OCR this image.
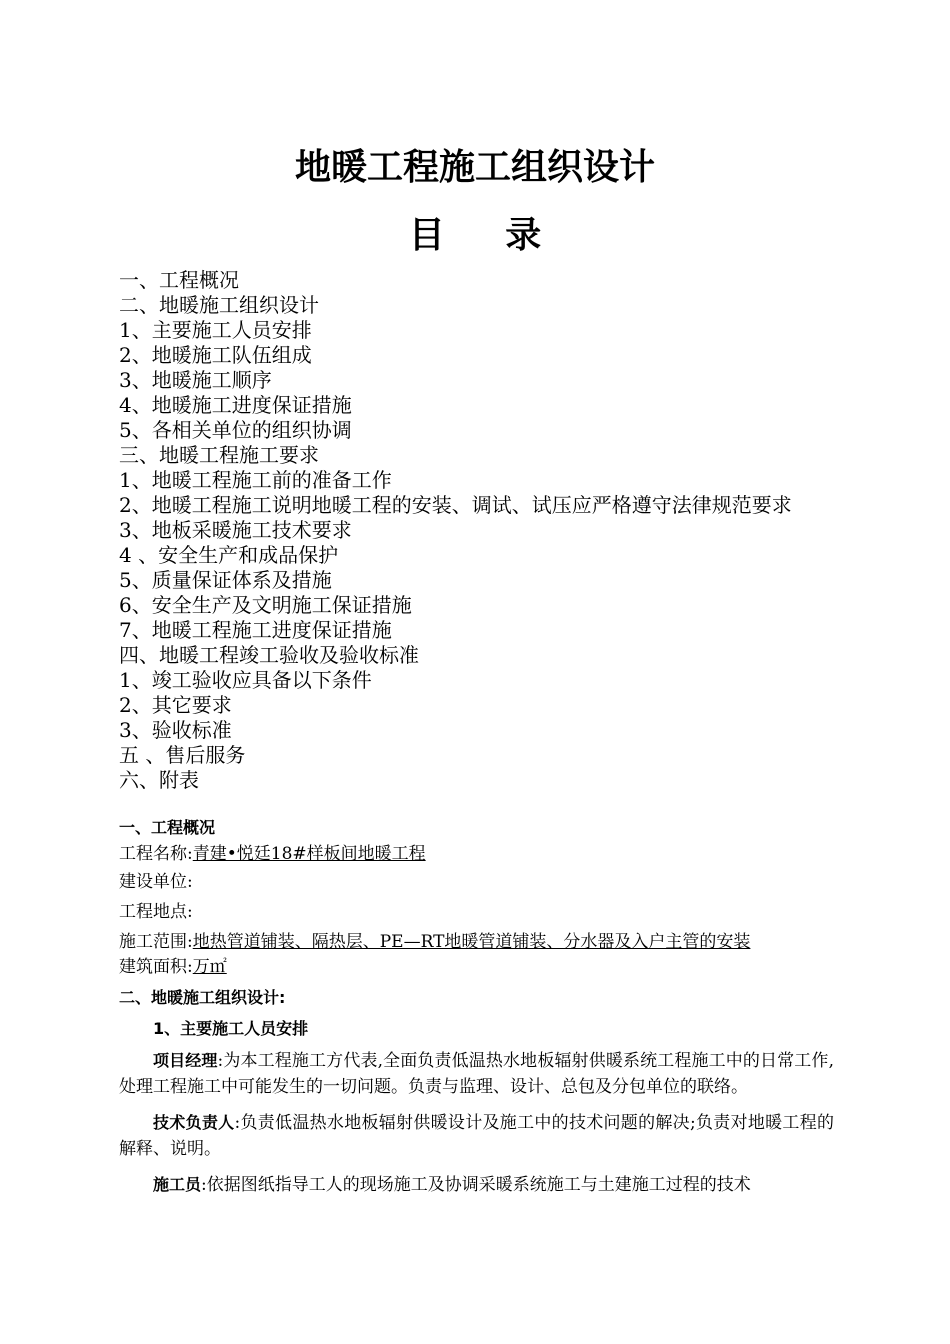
地暖工程施工组织设计
目 录
一、工程概况
二、地暖施工组织设计
1、主要施工人员安排
2、地暖施工队伍组成
3、地暖施工顺序
4、地暖施工进度保证措施
5、各相关单位的组织协调
三、地暖工程施工要求
1、地暖工程施工前的准备工作
2、地暖工程施工说明地暖工程的安装、调试、试压应严格遵守法律规范要求
3、地板采暖施工技术要求
4 、安全生产和成品保护
5、质量保证体系及措施
6、安全生产及文明施工保证措施
7、地暖工程施工进度保证措施
四、地暖工程竣工验收及验收标准
1、竣工验收应具备以下条件
2、其它要求
3、验收标准
五 、售后服务
六、附表
一、工程概况
工程名称:青建•悦廷18#样板间地暖工程
建设单位:
工程地点:
施工范围:地热管道铺装、隔热层、PE—RT地暖管道铺装、分水器及入户主管的安装
建筑面积:万㎡
二、地暖施工组织设计:
1、主要施工人员安排

项目经理:为本工程施工方代表,全面负责低温热水地板辐射供暖系统工程施工中的日常工作,处理工程施工中可能发生的一切问题。负责与监理、设计、总包及分包单位的联络。

技术负责人:负责低温热水地板辐射供暖设计及施工中的技术问题的解决;负责对地暖工程的解释、说明。

施工员:依据图纸指导工人的现场施工及协调采暖系统施工与土建施工过程的技术
